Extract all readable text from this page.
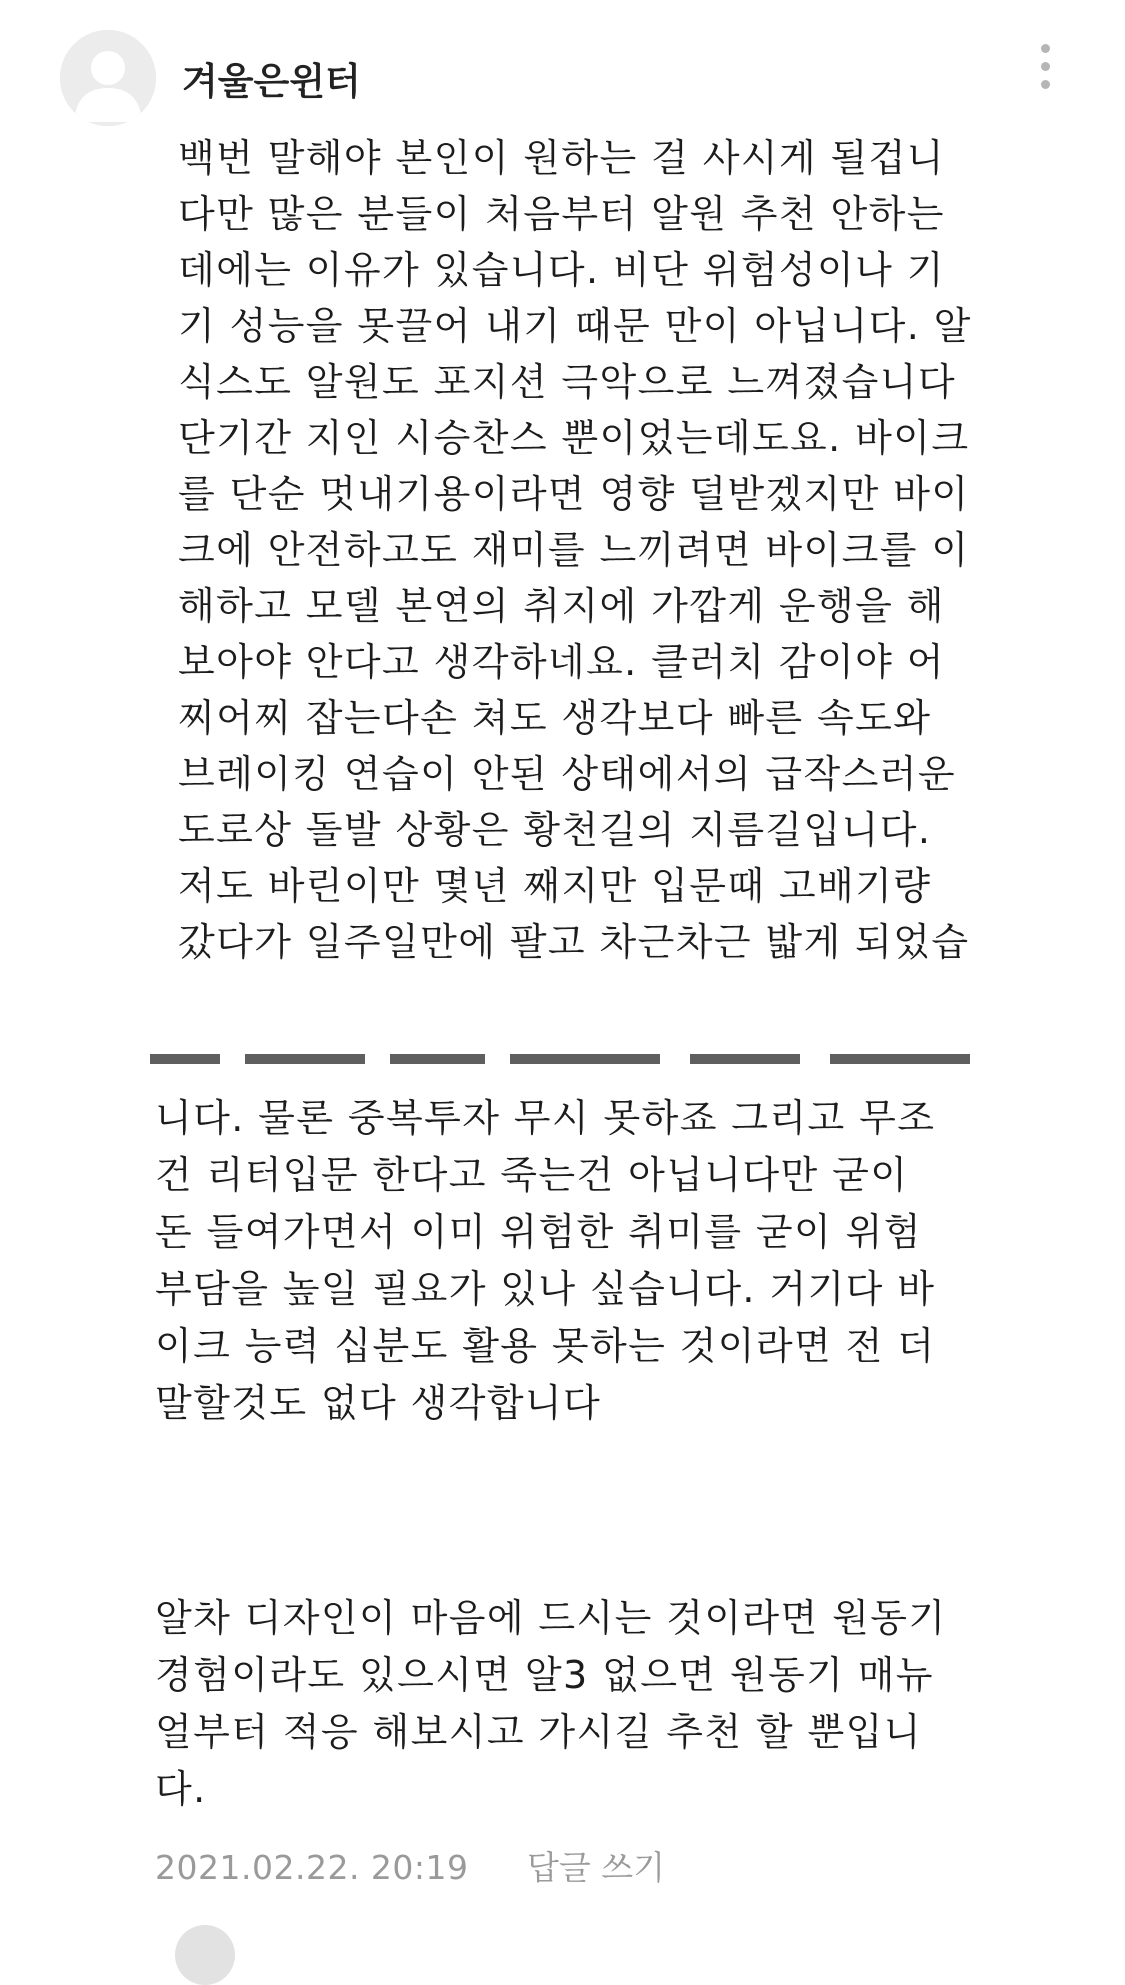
겨울은윈터
백번 말해야 본인이 원하는 걸 사시게 될겁니
다만 많은 분들이 처음부터 알원 추천 안하는
데에는 이유가 있습니다. 비단 위험성이나 기
기 성능을 못끌어 내기 때문 만이 아닙니다. 알
식스도 알원도 포지션 극악으로 느껴졌습니다
단기간 지인 시승찬스 뿐이었는데도요. 바이크
를 단순 멋내기용이라면 영향 덜받겠지만 바이
크에 안전하고도 재미를 느끼려면 바이크를 이
해하고 모델 본연의 취지에 가깝게 운행을 해
보아야 안다고 생각하네요. 클러치 감이야 어
찌어찌 잡는다손 쳐도 생각보다 빠른 속도와
브레이킹 연습이 안된 상태에서의 급작스러운
도로상 돌발 상황은 황천길의 지름길입니다.
저도 바린이만 몇년 째지만 입문때 고배기량
갔다가 일주일만에 팔고 차근차근 밟게 되었습
니다. 물론 중복투자 무시 못하죠 그리고 무조
건 리터입문 한다고 죽는건 아닙니다만 굳이
돈 들여가면서 이미 위험한 취미를 굳이 위험
부담을 높일 필요가 있나 싶습니다. 거기다 바
이크 능력 십분도 활용 못하는 것이라면 전 더
말할것도 없다 생각합니다
알차 디자인이 마음에 드시는 것이라면 원동기
경험이라도 있으시면 알3 없으면 원동기 매뉴
얼부터 적응 해보시고 가시길 추천 할 뿐입니
다.
2021.02.22. 20:19 답글 쓰기
